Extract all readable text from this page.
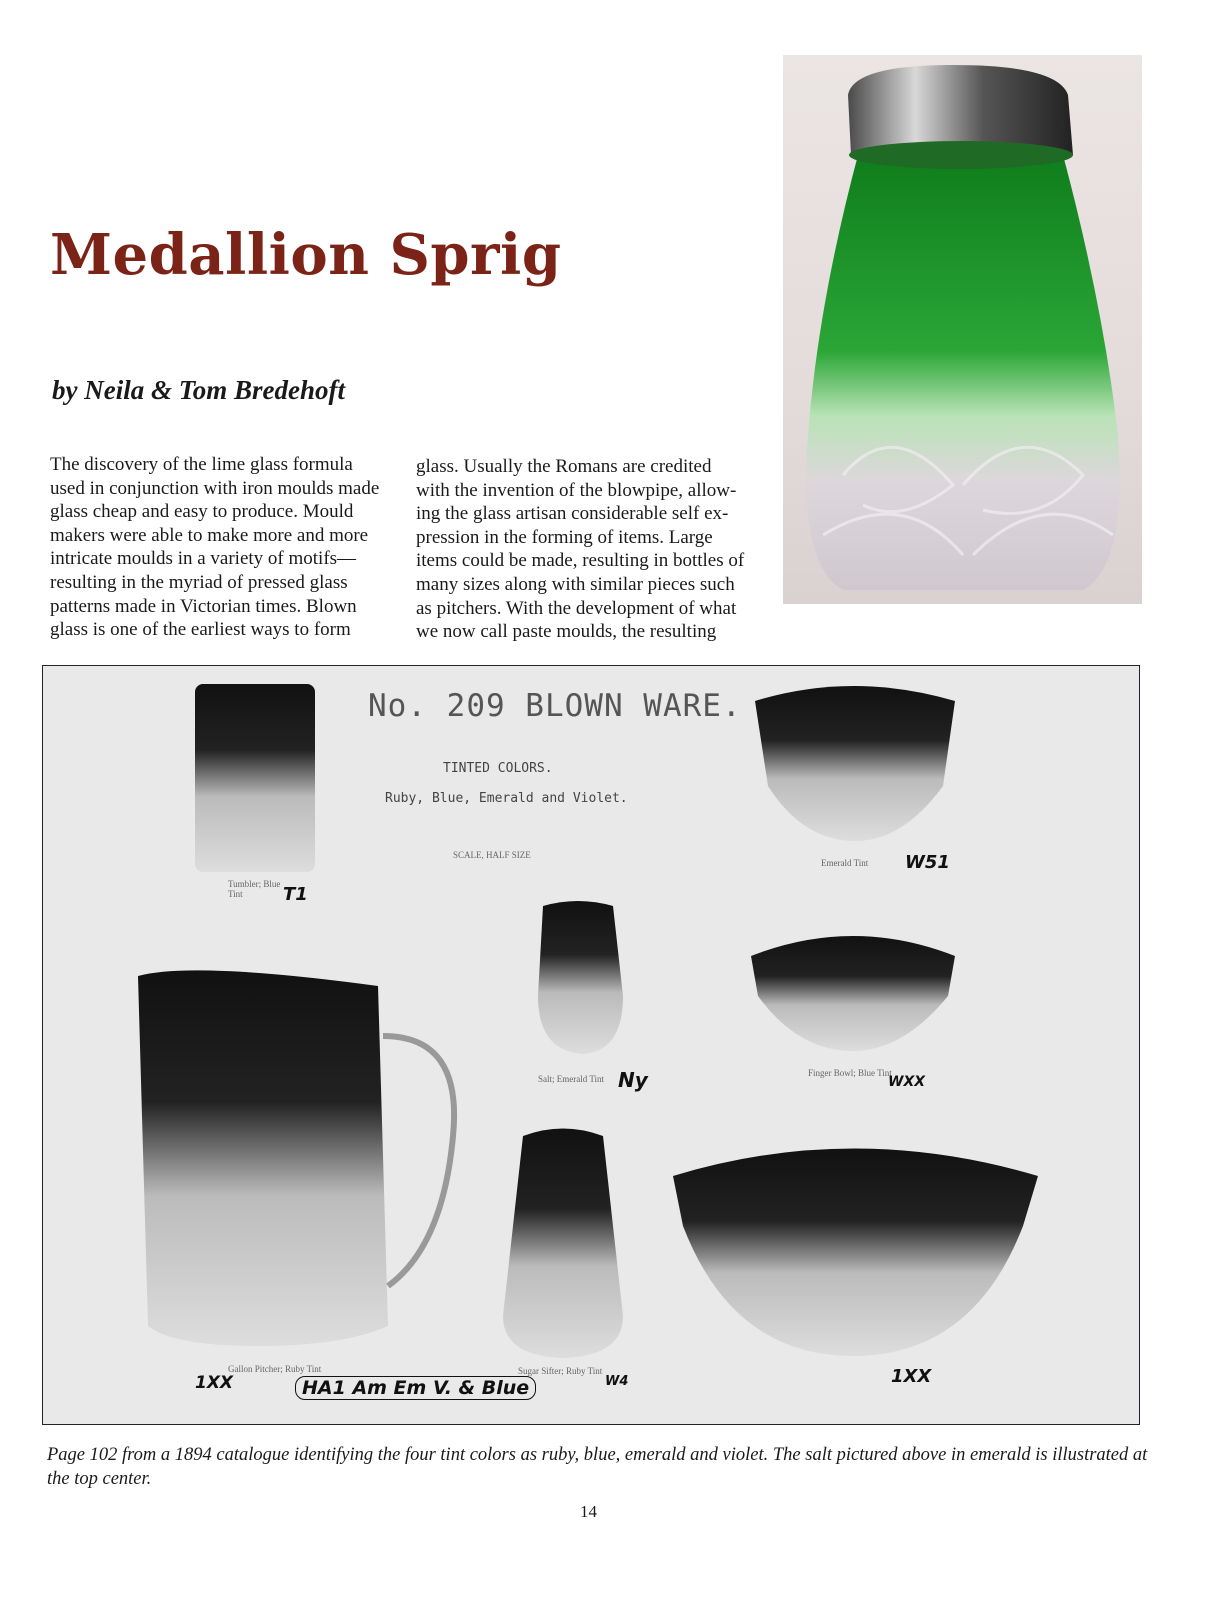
Medallion Sprig
by Neila & Tom Bredehoft
The discovery of the lime glass formula
used in conjunction with iron moulds made
glass cheap and easy to produce. Mould
makers were able to make more and more
intricate moulds in a variety of motifs—
resulting in the myriad of pressed glass
patterns made in Victorian times. Blown
glass is one of the earliest ways to form
glass. Usually the Romans are credited
with the invention of the blowpipe, allow-
ing the glass artisan considerable self ex-
pression in the forming of items. Large
items could be made, resulting in bottles of
many sizes along with similar pieces such
as pitchers. With the development of what
we now call paste moulds, the resulting
No. 209 BLOWN WARE.
TINTED COLORS.
Ruby, Blue, Emerald and Violet.
SCALE, HALF SIZE
Tumbler; Blue Tint	T1
Emerald Tint W51
Salt; Emerald Tint Ny	Finger Bowl; Blue Tint
WXX
Gallon Pitcher; Ruby Tint
1XX	HA1 Am Em V. & Blue
Sugar Sifter; Ruby Tint
W4	1XX
Page 102 from a 1894 catalogue identifying the four tint colors as ruby, blue, emerald and violet. The salt pictured above in emerald is illustrated at the top center.
14
